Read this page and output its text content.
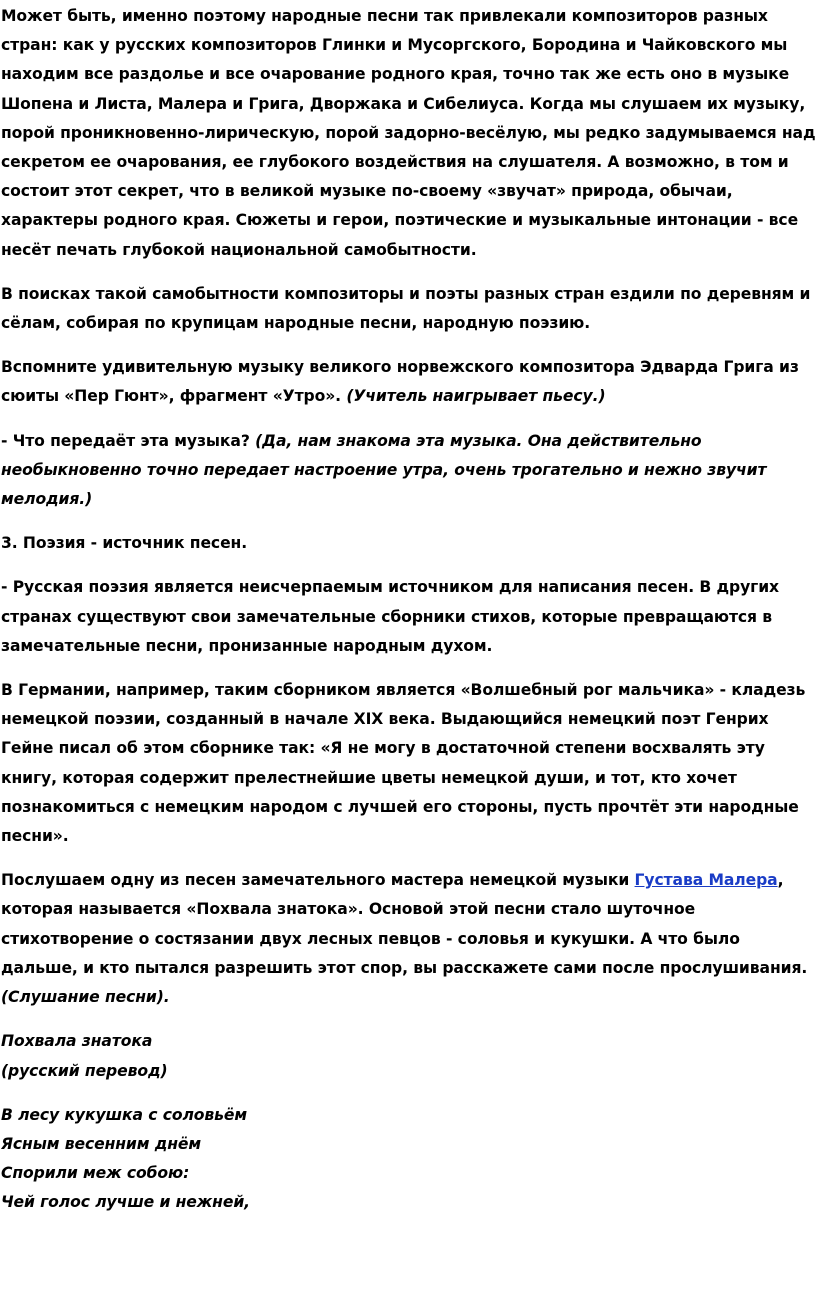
Может быть, именно поэтому народные песни так привлекали композиторов разных стран: как у русских композиторов Глинки и Мусоргского, Бородина и Чайковского мы находим все раздолье и все очарование родного края, точно так же есть оно в музыке Шопена и Листа, Малера и Грига, Дворжака и Сибелиуса. Когда мы слушаем их музыку, порой проникновенно-лирическую, порой задорно-весёлую, мы редко задумываемся над секретом ее очарования, ее глубокого воздействия на слушателя. А возможно, в том и состоит этот секрет, что в великой музыке по-своему «звучат» природа, обычаи, характеры родного края. Сюжеты и герои, поэтические и музыкальные интонации - все несёт печать глубокой национальной самобытности.

В поисках такой самобытности композиторы и поэты разных стран ездили по деревням и сёлам, собирая по крупицам народные песни, народную поэзию.

Вспомните удивительную музыку великого норвежского композитора Эдварда Грига из сюиты «Пер Гюнт», фрагмент «Утро». (Учитель наигрывает пьесу.)

- Что передаёт эта музыка? (Да, нам знакома эта музыка. Она действительно необыкновенно точно передает настроение утра, очень трогательно и нежно звучит мелодия.)

3. Поэзия - источник песен.

- Русская поэзия является неисчерпаемым источником для написания песен. В других странах существуют свои замечательные сборники стихов, которые превращаются в замечательные песни, пронизанные народным духом.

В Германии, например, таким сборником является «Волшебный рог мальчика» - кладезь немецкой поэзии, созданный в начале XIX века. Выдающийся немецкий поэт Генрих Гейне писал об этом сборнике так: «Я не могу в достаточной степени восхвалять эту книгу, которая содержит прелестнейшие цветы немецкой души, и тот, кто хочет познакомиться с немецким народом с лучшей его стороны, пусть прочтёт эти народные песни».

Послушаем одну из песен замечательного мастера немецкой музыки Густава Малера, которая называется «Похвала знатока». Основой этой песни стало шуточное стихотворение о состязании двух лесных певцов - соловья и кукушки. А что было дальше, и кто пытался разрешить этот спор, вы расскажете сами после прослушивания. (Слушание песни).

Похвала знатока

(русский перевод)

В лесу кукушка с соловьём

Ясным весенним днём

Спорили меж собою:

Чей голос лучше и нежней,
